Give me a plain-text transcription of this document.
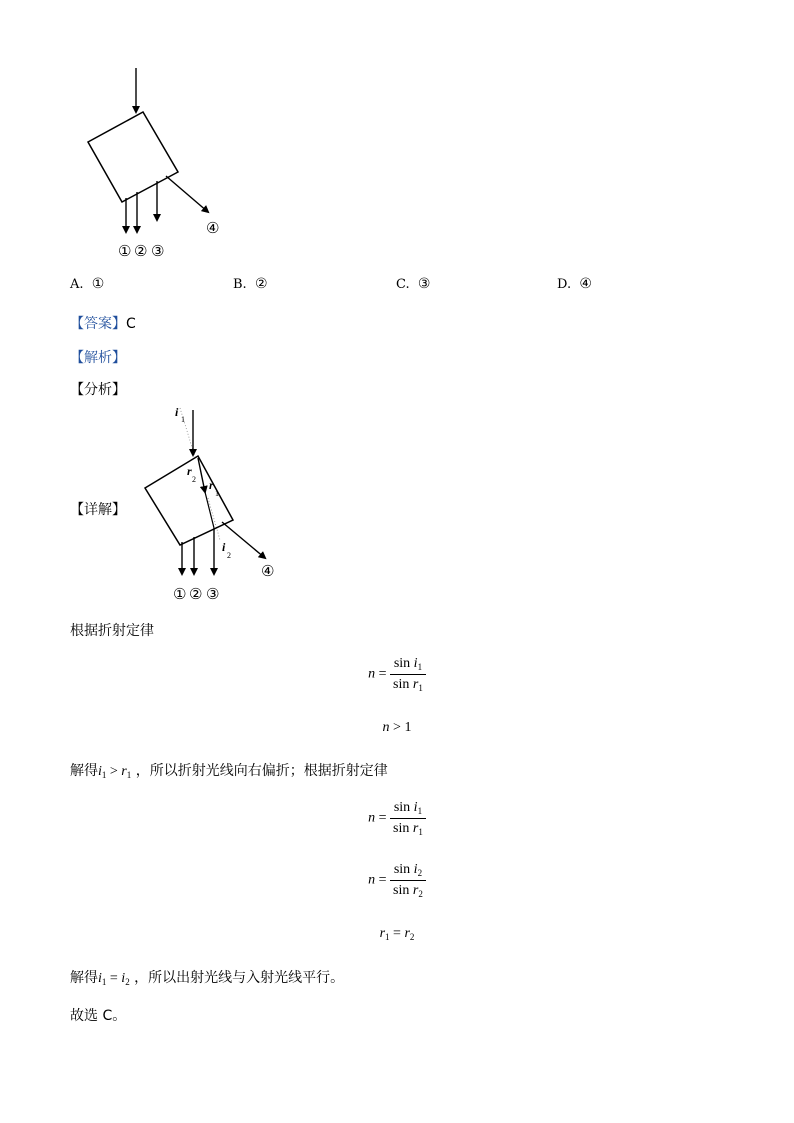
① ② ③
④
A. ①	B. ②	C. ③	D. ④
【答案】C
【解析】
【分析】
【详解】
i
1
r
2 r
1
i
2
① ② ③
④
根据折射定律
$n = \frac{\sin i_1}{\sin r_1}$
n > 1
解得$i_1 > r_1$ ，所以折射光线向右偏折；根据折射定律
$n = \frac{\sin i_1}{\sin r_1}$
$n = \frac{\sin i_2}{\sin r_2}$
$r_1 = r_2$
解得$i_1 = i_2$ ，所以出射光线与入射光线平行。
故选 C。
